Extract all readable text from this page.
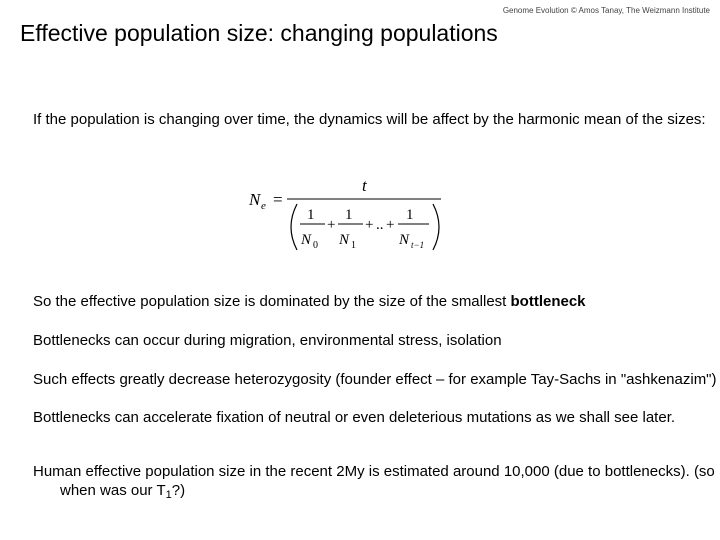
Genome Evolution © Amos Tanay, The Weizmann Institute
Effective population size: changing populations

If the population is changing over time, the dynamics will be affect by the harmonic mean of the sizes:

N e =
t
1
N 0
+
1
N 1
+ .. +
1
N t−1

So the effective population size is dominated by the size of the smallest bottleneck

Bottlenecks can occur during migration, environmental stress, isolation

Such effects greatly decrease heterozygosity (founder effect – for example Tay-Sachs in "ashkenazim")

Bottlenecks can accelerate fixation of neutral or even deleterious mutations as we shall see later.

Human effective population size in the recent 2My is estimated around 10,000 (due to bottlenecks). (so when was our $T_1$?)
